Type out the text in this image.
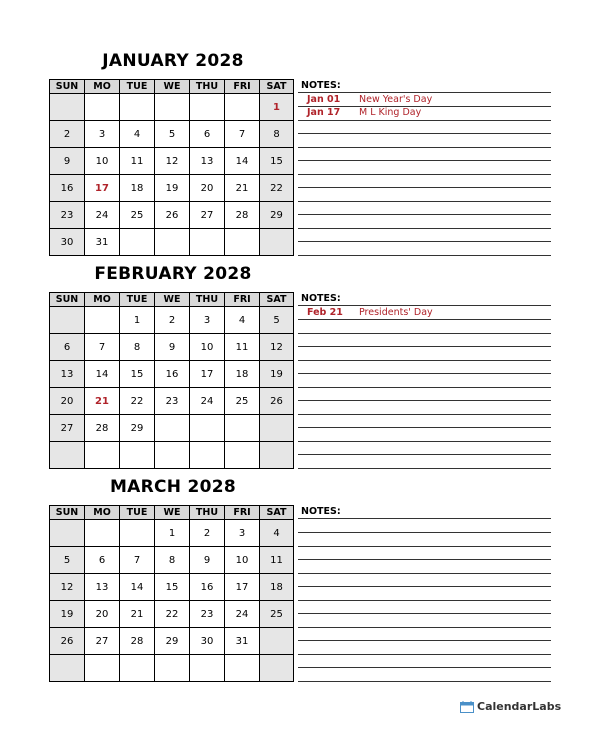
JANUARY 2028
SUN	MO	TUE	WE	THU	FRI	SAT
						1
2	3	4	5	6	7	8
9	10	11	12	13	14	15
16	17	18	19	20	21	22
23	24	25	26	27	28	29
30	31					
NOTES:
Jan 01 New Year's Day
Jan 17 M L King Day
FEBRUARY 2028
SUN	MO	TUE	WE	THU	FRI	SAT
		1	2	3	4	5
6	7	8	9	10	11	12
13	14	15	16	17	18	19
20	21	22	23	24	25	26
27	28	29				

NOTES:
Feb 21 Presidents' Day
MARCH 2028
SUN	MO	TUE	WE	THU	FRI	SAT
			1	2	3	4
5	6	7	8	9	10	11
12	13	14	15	16	17	18
19	20	21	22	23	24	25
26	27	28	29	30	31	

NOTES:
CalendarLabs
